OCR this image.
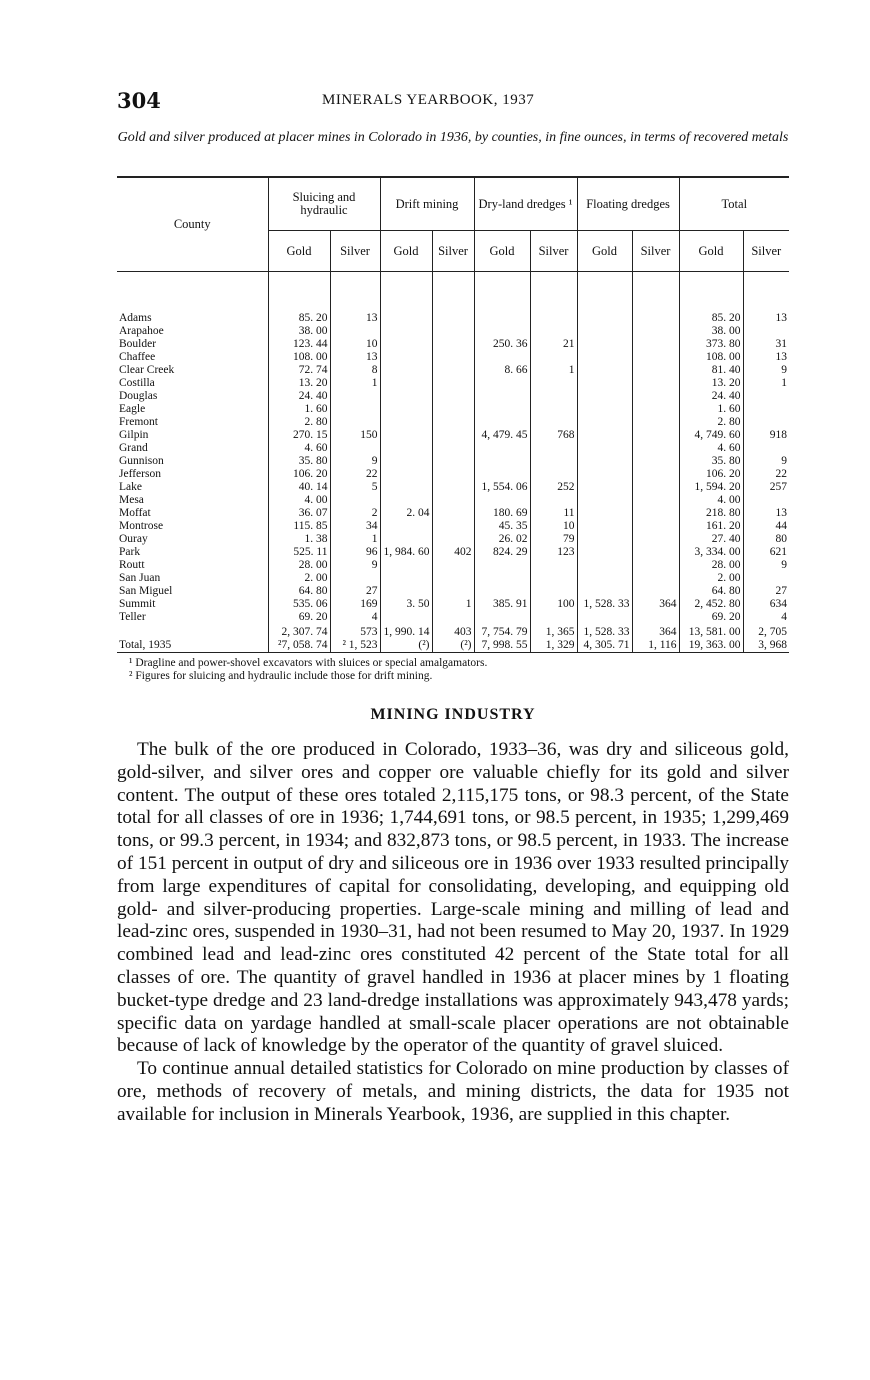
304	MINERALS YEARBOOK, 1937
Gold and silver produced at placer mines in Colorado in 1936, by counties, in fine ounces, in terms of recovered metals
County	Sluicing and hydraulic		Drift mining		Dry-land dredges ¹		Floating dredges		Total	
	Gold	Silver	Gold	Silver	Gold	Silver	Gold	Silver	Gold	Silver

Adams	85. 20	13							85. 20	13
Arapahoe	38. 00								38. 00	
Boulder	123. 44	10			250. 36	21			373. 80	31
Chaffee	108. 00	13							108. 00	13
Clear Creek	72. 74	8			8. 66	1			81. 40	9
Costilla	13. 20	1							13. 20	1
Douglas	24. 40								24. 40	
Eagle	1. 60								1. 60	
Fremont	2. 80								2. 80	
Gilpin	270. 15	150			4, 479. 45	768			4, 749. 60	918
Grand	4. 60								4. 60	
Gunnison	35. 80	9							35. 80	9
Jefferson	106. 20	22							106. 20	22
Lake	40. 14	5			1, 554. 06	252			1, 594. 20	257
Mesa	4. 00								4. 00	
Moffat	36. 07	2	2. 04		180. 69	11			218. 80	13
Montrose	115. 85	34			45. 35	10			161. 20	44
Ouray	1. 38	1			26. 02	79			27. 40	80
Park	525. 11	96	1, 984. 60	402	824. 29	123			3, 334. 00	621
Routt	28. 00	9							28. 00	9
San Juan	2. 00								2. 00	
San Miguel	64. 80	27							64. 80	27
Summit	535. 06	169	3. 50	1	385. 91	100	1, 528. 33	364	2, 452. 80	634
Teller	69. 20	4							69. 20	4
	2, 307. 74	573	1, 990. 14	403	7, 754. 79	1, 365	1, 528. 33	364	13, 581. 00	2, 705
Total, 1935	²7, 058. 74	² 1, 523	(²)	(²)	7, 998. 55	1, 329	4, 305. 71	1, 116	19, 363. 00	3, 968
¹ Dragline and power-shovel excavators with sluices or special amalgamators.
² Figures for sluicing and hydraulic include those for drift mining.
MINING INDUSTRY

The bulk of the ore produced in Colorado, 1933–36, was dry and siliceous gold, gold-silver, and silver ores and copper ore valuable chiefly for its gold and silver content. The output of these ores totaled 2,115,175 tons, or 98.3 percent, of the State total for all classes of ore in 1936; 1,744,691 tons, or 98.5 percent, in 1935; 1,299,469 tons, or 99.3 percent, in 1934; and 832,873 tons, or 98.5 percent, in 1933. The increase of 151 percent in output of dry and siliceous ore in 1936 over 1933 resulted principally from large expenditures of capital for consolidating, developing, and equipping old gold- and silver-producing properties. Large-scale mining and milling of lead and lead-zinc ores, suspended in 1930–31, had not been resumed to May 20, 1937. In 1929 combined lead and lead-zinc ores constituted 42 percent of the State total for all classes of ore. The quantity of gravel handled in 1936 at placer mines by 1 floating bucket-type dredge and 23 land-dredge installations was approximately 943,478 yards; specific data on yardage handled at small-scale placer operations are not obtainable because of lack of knowledge by the operator of the quantity of gravel sluiced.

To continue annual detailed statistics for Colorado on mine production by classes of ore, methods of recovery of metals, and mining districts, the data for 1935 not available for inclusion in Minerals Yearbook, 1936, are supplied in this chapter.
